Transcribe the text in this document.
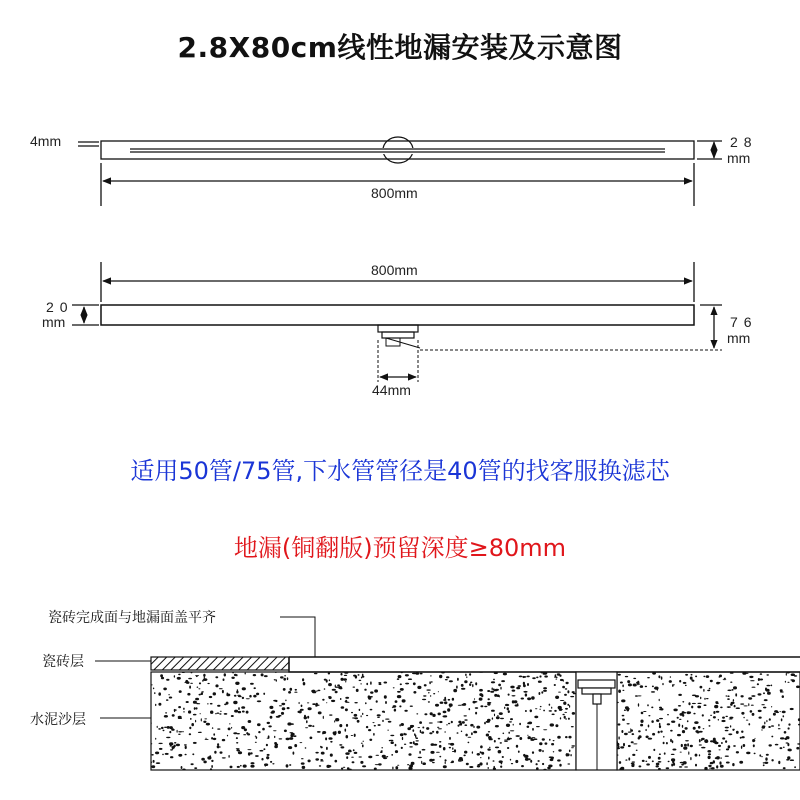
2.8X80cm线性地漏安装及示意图
4mm	28
mm
800mm
800mm
20
mm	76
mm
44mm
适用50管/75管,下水管管径是40管的找客服换滤芯
地漏(铜翻版)预留深度≥80mm
瓷砖完成面与地漏面盖平齐
瓷砖层
水泥沙层
